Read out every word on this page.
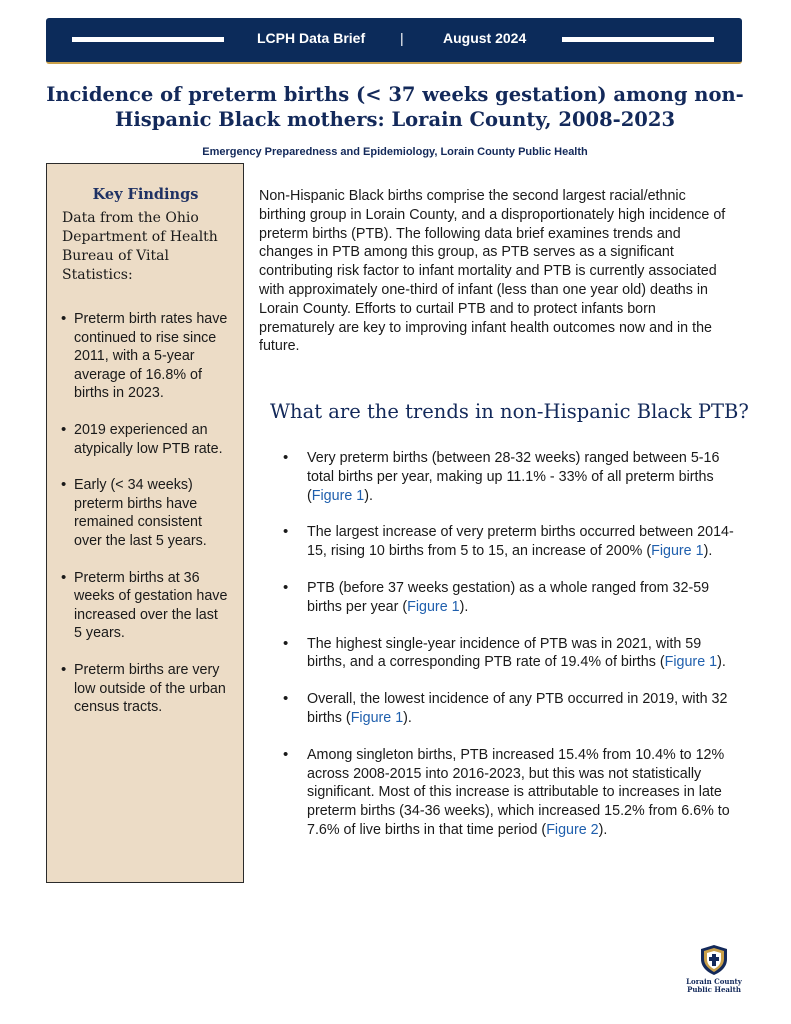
LCPH Data Brief |	August 2024
Incidence of preterm births (< 37 weeks gestation) among non-Hispanic Black mothers: Lorain County, 2008-2023
Emergency Preparedness and Epidemiology, Lorain County Public Health
Key Findings

Data from the Ohio Department of Health Bureau of Vital Statistics:

• Preterm birth rates have continued to rise since 2011, with a 5-year average of 16.8% of births in 2023.
• 2019 experienced an atypically low PTB rate.
• Early (< 34 weeks) preterm births have remained consistent over the last 5 years.
• Preterm births at 36 weeks of gestation have increased over the last 5 years.
• Preterm births are very low outside of the urban census tracts.

Non-Hispanic Black births comprise the second largest racial/ethnic birthing group in Lorain County, and a disproportionately high incidence of preterm births (PTB). The following data brief examines trends and changes in PTB among this group, as PTB serves as a significant contributing risk factor to infant mortality and PTB is currently associated with approximately one-third of infant (less than one year old) deaths in Lorain County. Efforts to curtail PTB and to protect infants born prematurely are key to improving infant health outcomes now and in the future.

What are the trends in non-Hispanic Black PTB?
• Very preterm births (between 28-32 weeks) ranged between 5-16 total births per year, making up 11.1% - 33% of all preterm births (Figure 1).
• The largest increase of very preterm births occurred between 2014-15, rising 10 births from 5 to 15, an increase of 200% (Figure 1).
• PTB (before 37 weeks gestation) as a whole ranged from 32-59 births per year (Figure 1).
• The highest single-year incidence of PTB was in 2021, with 59 births, and a corresponding PTB rate of 19.4% of births (Figure 1).
• Overall, the lowest incidence of any PTB occurred in 2019, with 32 births (Figure 1).
• Among singleton births, PTB increased 15.4% from 10.4% to 12% across 2008-2015 into 2016-2023, but this was not statistically significant. Most of this increase is attributable to increases in late preterm births (34-36 weeks), which increased 15.2% from 6.6% to 7.6% of live births in that time period (Figure 2).
Lorain County
Public Health
